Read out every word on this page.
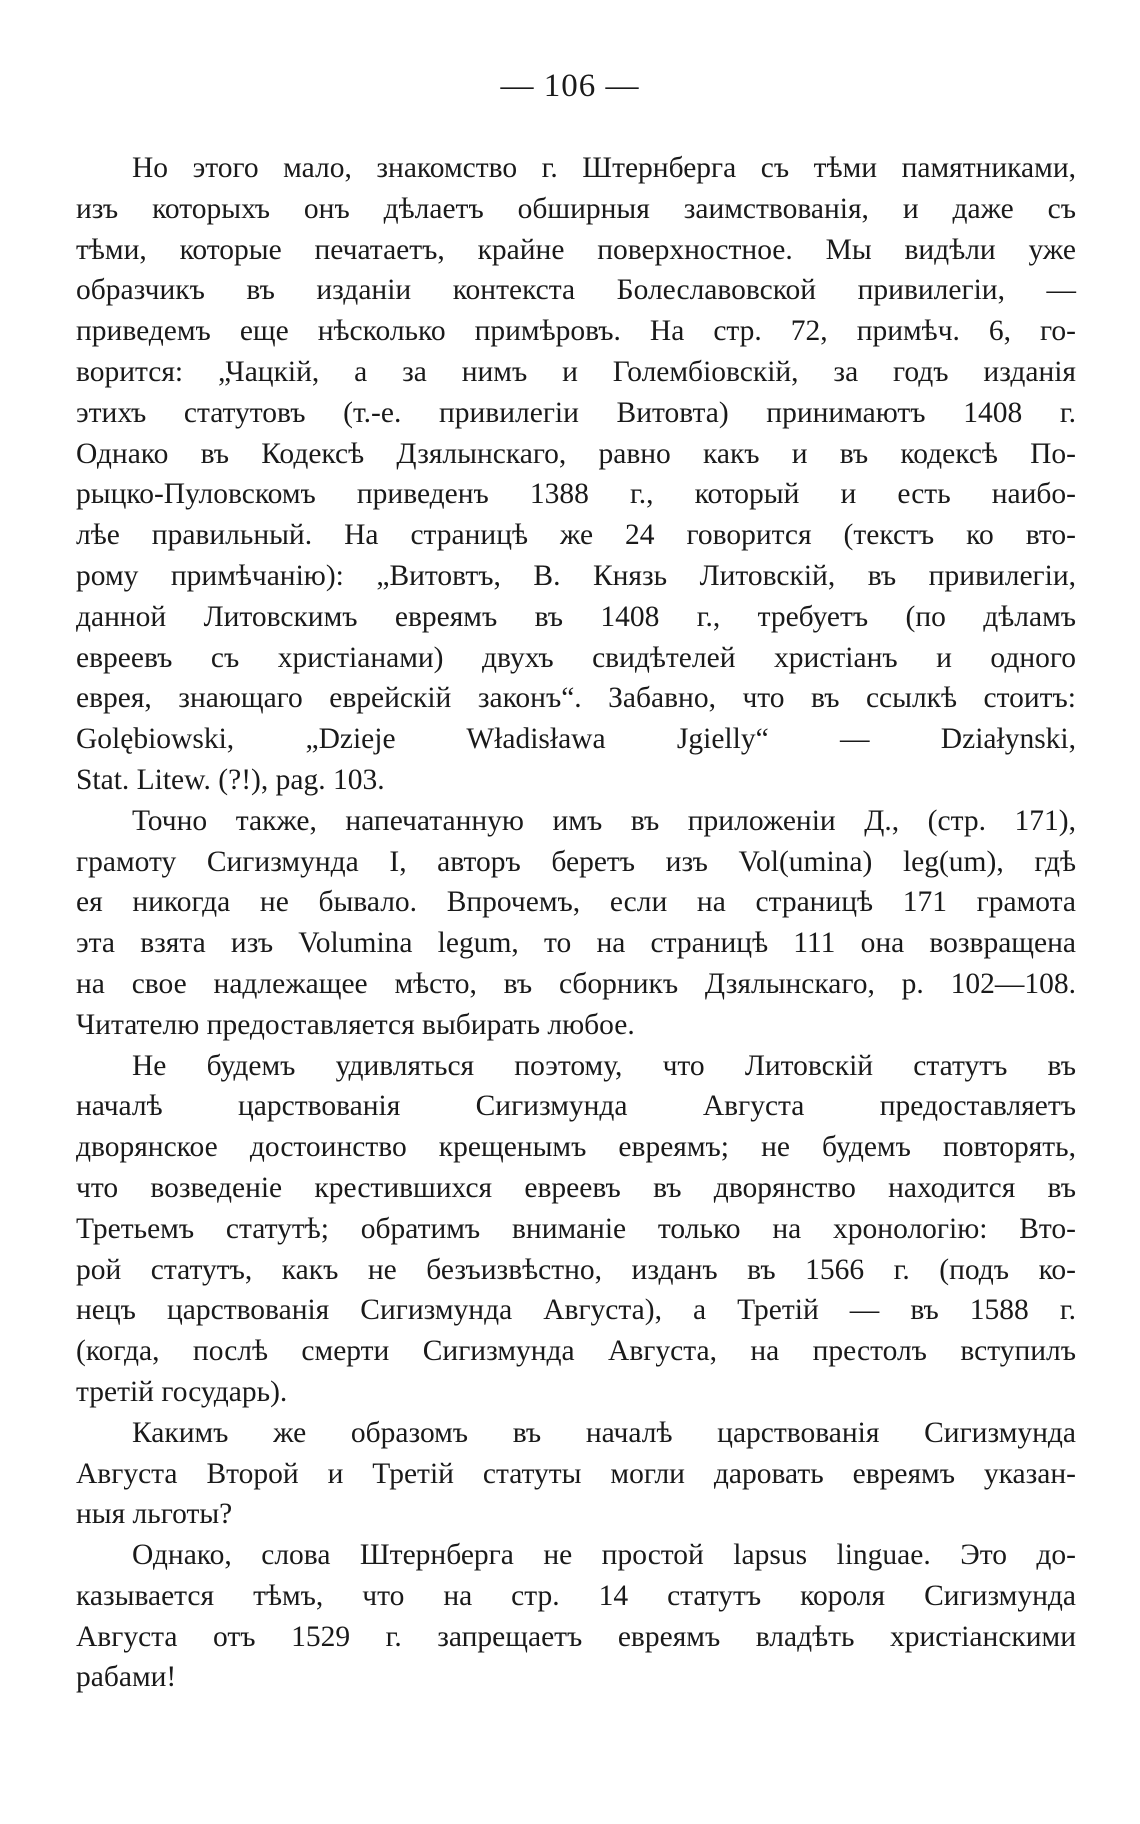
— 106 —
Но этого мало, знакомство г. Штернберга съ тѣми памятниками,
изъ которыхъ онъ дѣлаетъ обширныя заимствованія, и даже съ
тѣми, которые печатаетъ, крайне поверхностное. Мы видѣли уже
образчикъ въ изданіи контекста Болеславовской привилегіи, —
приведемъ еще нѣсколько примѣровъ. На стр. 72, примѣч. 6, го-
ворится: „Чацкій, а за нимъ и Голембіовскій, за годъ изданія
этихъ статутовъ (т.-е. привилегіи Витовта) принимаютъ 1408 г.
Однако въ Кодексѣ Дзялынскаго, равно какъ и въ кодексѣ По-
рыцко-Пуловскомъ приведенъ 1388 г., который и есть наибо-
лѣе правильный. На страницѣ же 24 говорится (текстъ ко вто-
рому примѣчанію): „Витовтъ, В. Князь Литовскій, въ привилегіи,
данной Литовскимъ евреямъ въ 1408 г., требуетъ (по дѣламъ
евреевъ съ христіанами) двухъ свидѣтелей христіанъ и одного
еврея, знающаго еврейскій законъ“. Забавно, что въ ссылкѣ стоитъ:
Golębiowski, „Dzieje Władisława Jgielly“ — Działynski,
Stat. Litew. (?!), pag. 103.
Точно также, напечатанную имъ въ приложеніи Д., (стр. 171),
грамоту Сигизмунда I, авторъ беретъ изъ Vol(umina) leg(um), гдѣ
ея никогда не бывало. Впрочемъ, если на страницѣ 171 грамота
эта взята изъ Volumina legum, то на страницѣ 111 она возвращена
на свое надлежащее мѣсто, въ сборникъ Дзялынскаго, р. 102—108.
Читателю предоставляется выбирать любое.
Не будемъ удивляться поэтому, что Литовскій статутъ въ
началѣ царствованія Сигизмунда Августа предоставляетъ
дворянское достоинство крещенымъ евреямъ; не будемъ повторять,
что возведеніе крестившихся евреевъ въ дворянство находится въ
Третьемъ статутѣ; обратимъ вниманіе только на хронологію: Вто-
рой статутъ, какъ не безъизвѣстно, изданъ въ 1566 г. (подъ ко-
нецъ царствованія Сигизмунда Августа), а Третій — въ 1588 г.
(когда, послѣ смерти Сигизмунда Августа, на престолъ вступилъ
третій государь).
Какимъ же образомъ въ началѣ царствованія Сигизмунда
Августа Второй и Третій статуты могли даровать евреямъ указан-
ныя льготы?
Однако, слова Штернберга не простой lapsus linguae. Это до-
казывается тѣмъ, что на стр. 14 статутъ короля Сигизмунда
Августа отъ 1529 г. запрещаетъ евреямъ владѣть христіанскими
рабами!
